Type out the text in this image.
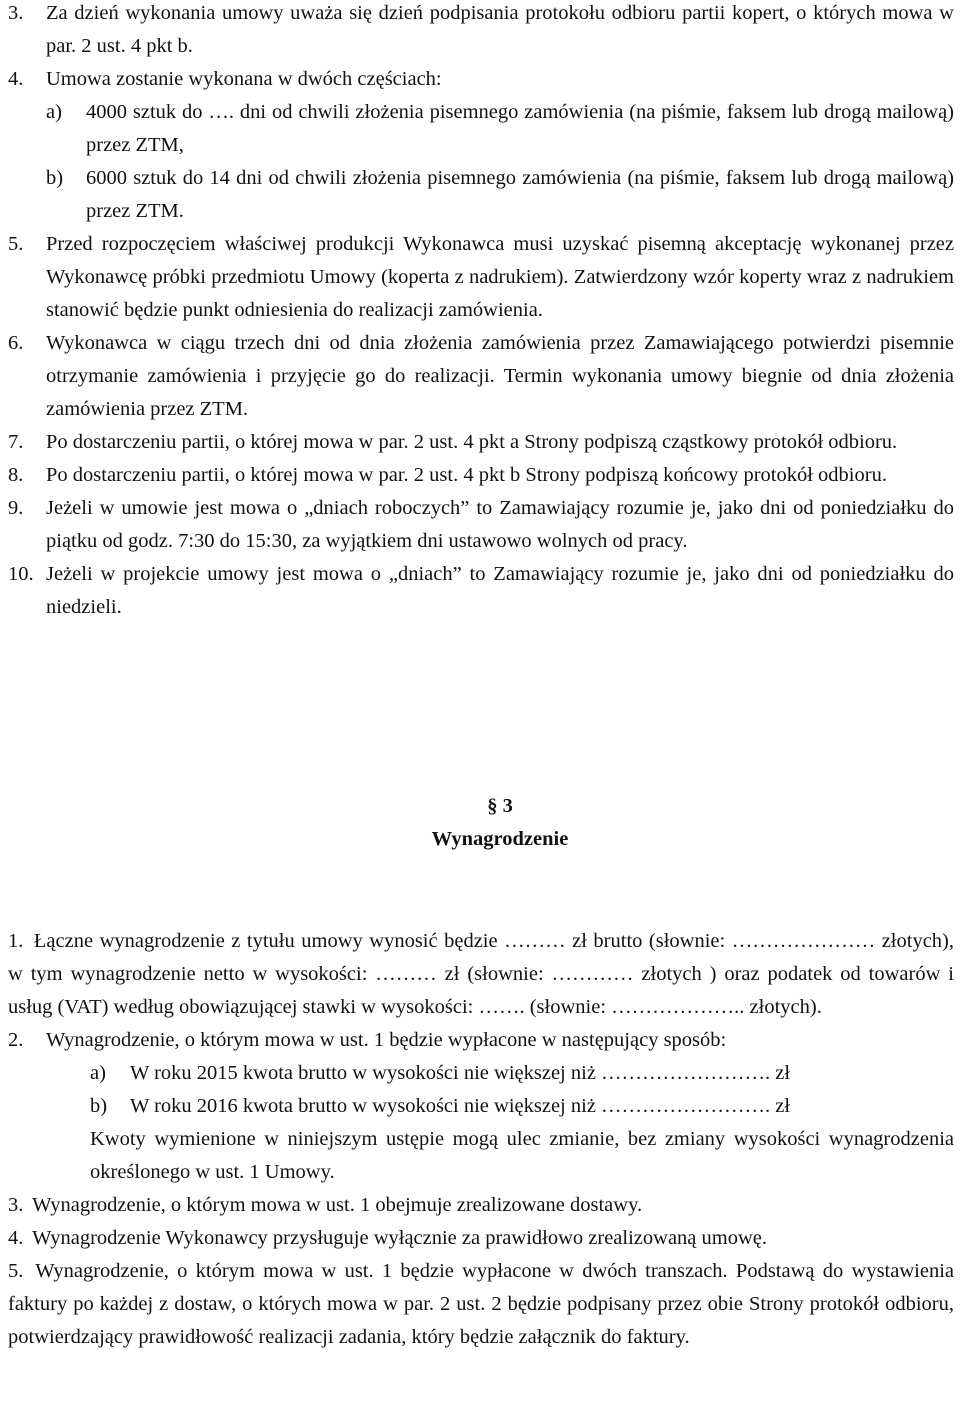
3. Za dzień wykonania umowy uważa się dzień podpisania protokołu odbioru partii kopert, o których mowa w par. 2 ust. 4 pkt b.
4. Umowa zostanie wykonana w dwóch częściach:
a) 4000 sztuk do …. dni od chwili złożenia pisemnego zamówienia (na piśmie, faksem lub drogą mailową) przez ZTM,
b) 6000 sztuk do 14 dni od chwili złożenia pisemnego zamówienia (na piśmie, faksem lub drogą mailową) przez ZTM.
5. Przed rozpoczęciem właściwej produkcji Wykonawca musi uzyskać pisemną akceptację wykonanej przez Wykonawcę próbki przedmiotu Umowy (koperta z nadrukiem). Zatwierdzony wzór koperty wraz z nadrukiem stanowić będzie punkt odniesienia do realizacji zamówienia.
6. Wykonawca w ciągu trzech dni od dnia złożenia zamówienia przez Zamawiającego potwierdzi pisemnie otrzymanie zamówienia i przyjęcie go do realizacji. Termin wykonania umowy biegnie od dnia złożenia zamówienia przez ZTM.
7. Po dostarczeniu partii, o której mowa w par. 2 ust. 4 pkt a Strony podpiszą cząstkowy protokół odbioru.
8. Po dostarczeniu partii, o której mowa w par. 2 ust. 4 pkt b Strony podpiszą końcowy protokół odbioru.
9. Jeżeli w umowie jest mowa o „dniach roboczych” to Zamawiający rozumie je, jako dni od poniedziałku do piątku od godz. 7:30 do 15:30, za wyjątkiem dni ustawowo wolnych od pracy.
10. Jeżeli w projekcie umowy jest mowa o „dniach” to Zamawiający rozumie je, jako dni od poniedziałku do niedzieli.
§ 3
Wynagrodzenie
1. Łączne wynagrodzenie z tytułu umowy wynosić będzie ……… zł brutto (słownie: ………………… złotych), w tym wynagrodzenie netto w wysokości: ……… zł (słownie: ………… złotych ) oraz podatek od towarów i usług (VAT) według obowiązującej stawki w wysokości: ……. (słownie: ……………….. złotych).
2. Wynagrodzenie, o którym mowa w ust. 1 będzie wypłacone w następujący sposób:
a) W roku 2015 kwota brutto w wysokości nie większej niż ……………………. zł
b) W roku 2016 kwota brutto w wysokości nie większej niż ……………………. zł
Kwoty wymienione w niniejszym ustępie mogą ulec zmianie, bez zmiany wysokości wynagrodzenia określonego w ust. 1 Umowy.
3. Wynagrodzenie, o którym mowa w ust. 1 obejmuje zrealizowane dostawy.
4. Wynagrodzenie Wykonawcy przysługuje wyłącznie za prawidłowo zrealizowaną umowę.
5. Wynagrodzenie, o którym mowa w ust. 1 będzie wypłacone w dwóch transzach. Podstawą do wystawienia faktury po każdej z dostaw, o których mowa w par. 2 ust. 2 będzie podpisany przez obie Strony protokół odbioru, potwierdzający prawidłowość realizacji zadania, który będzie załącznik do faktury.
